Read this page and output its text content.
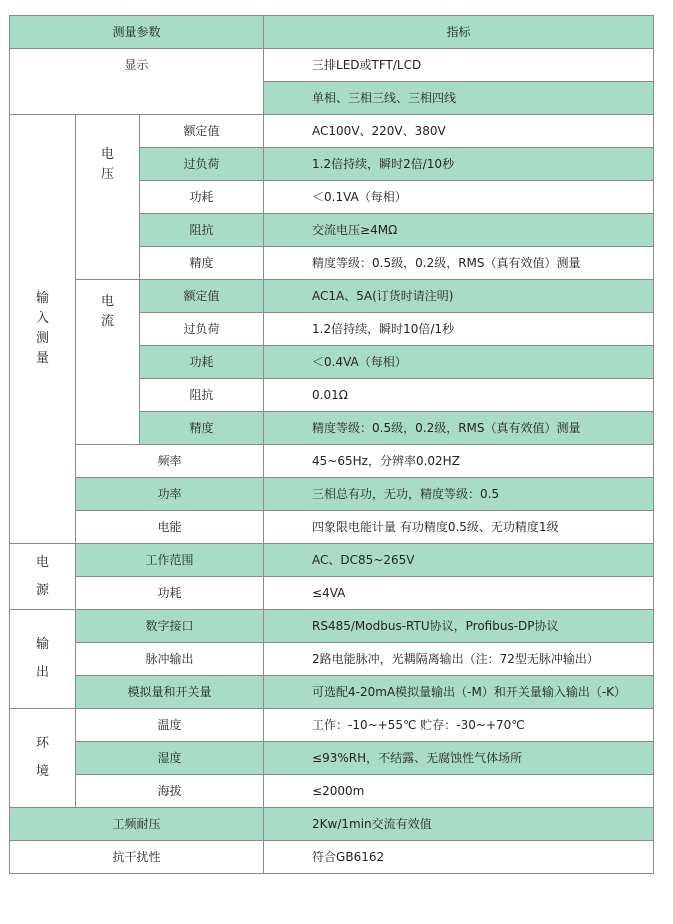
测量参数			指标
显示			三排LED或TFT/LCD
			单相、三相三线、三相四线
输入测量	电压	额定值	AC100V、220V、380V
		过负荷	1.2倍持续，瞬时2倍/10秒
		功耗	＜0.1VA（每相）
		阻抗	交流电压≥4MΩ
		精度	精度等级：0.5级，0.2级，RMS（真有效值）测量
	电流	额定值	AC1A、5A(订货时请注明)
		过负荷	1.2倍持续，瞬时10倍/1秒
		功耗	＜0.4VA（每相）
		阻抗	0.01Ω
		精度	精度等级：0.5级，0.2级，RMS（真有效值）测量
	频率		45~65Hz，分辨率0.02HZ
	功率		三相总有功，无功，精度等级：0.5
	电能		四象限电能计量 有功精度0.5级、无功精度1级
电源	工作范围		AC、DC85~265V
	功耗		≤4VA
输出	数字接口		RS485/Modbus-RTU协议，Profibus-DP协议
	脉冲输出		2路电能脉冲，光耦隔离输出（注：72型无脉冲输出）
	模拟量和开关量		可选配4-20mA模拟量输出（-M）和开关量输入输出（-K）
环境	温度		工作：-10~+55℃ 贮存：-30~+70℃
	湿度		≤93%RH，不结露、无腐蚀性气体场所
	海拔		≤2000m
工频耐压			2Kw/1min交流有效值
抗干扰性			符合GB6162
